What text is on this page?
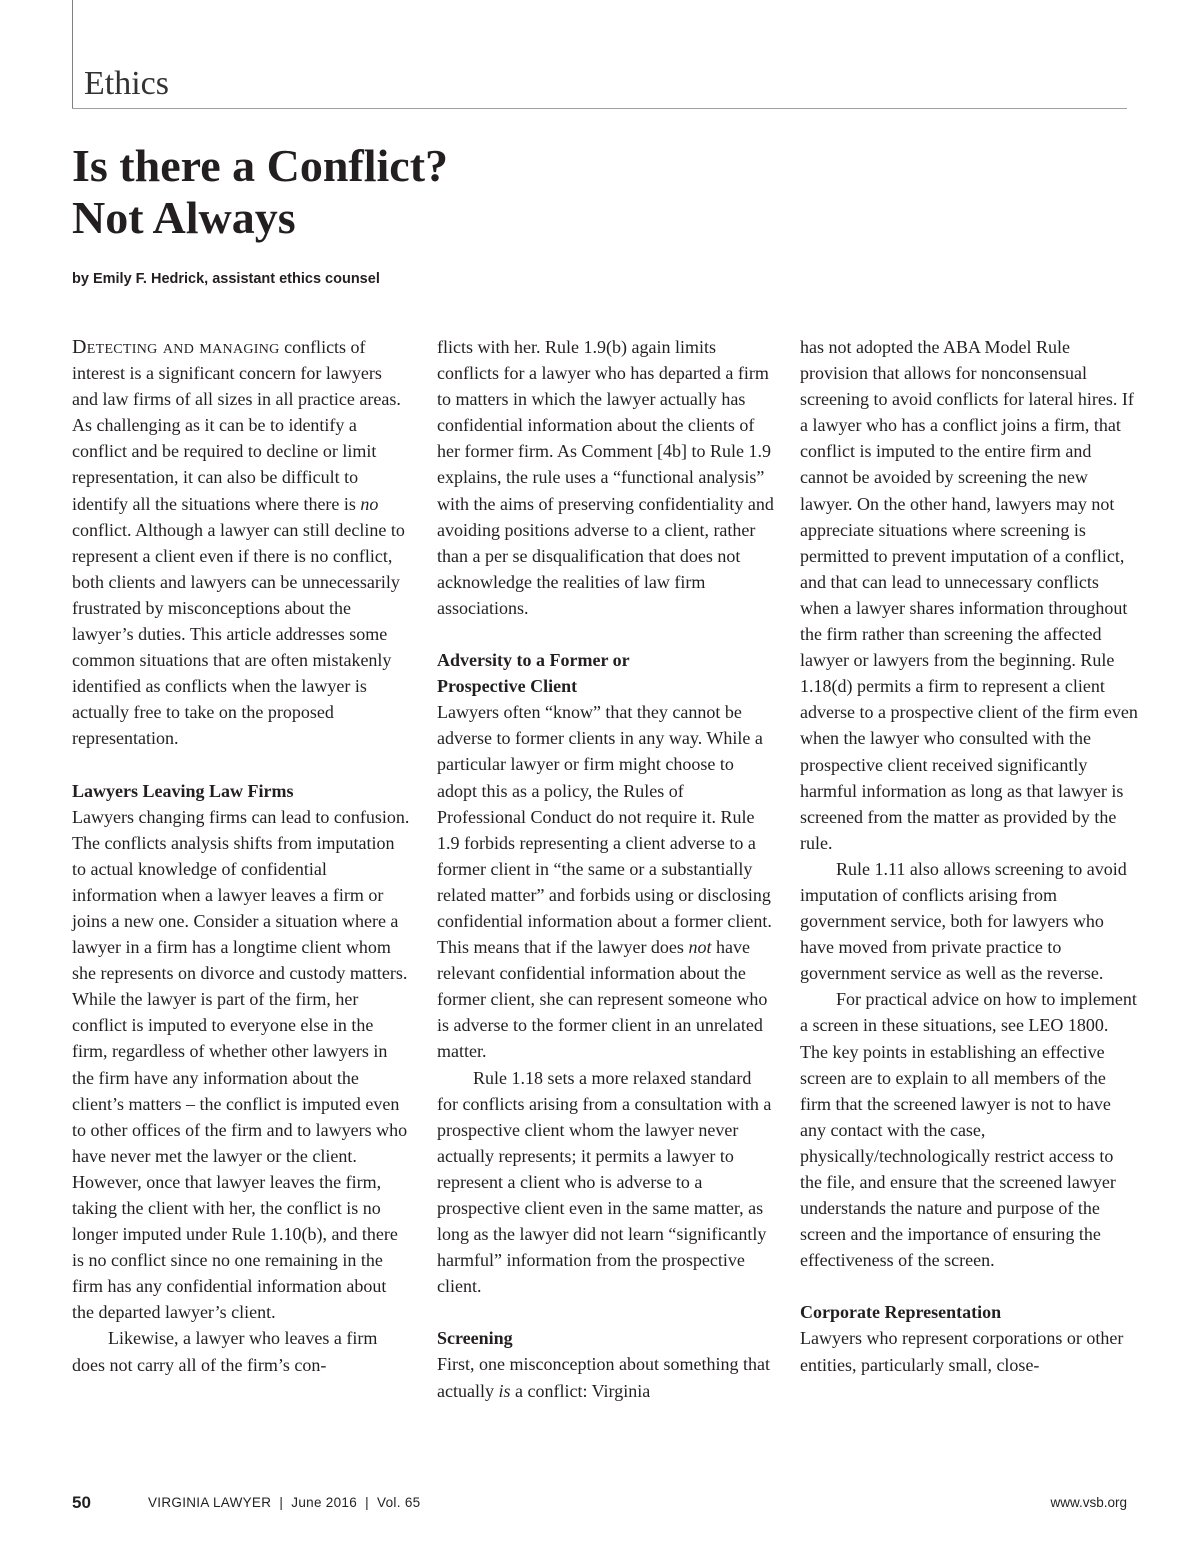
Ethics
Is there a Conflict?
Not Always
by Emily F. Hedrick, assistant ethics counsel

Detecting and managing conflicts of interest is a significant concern for lawyers and law firms of all sizes in all practice areas. As challenging as it can be to identify a conflict and be required to decline or limit representation, it can also be difficult to identify all the situations where there is no conflict. Although a lawyer can still decline to represent a client even if there is no conflict, both clients and lawyers can be unnecessarily frustrated by misconceptions about the lawyer’s duties. This article addresses some common situations that are often mistakenly identified as conflicts when the lawyer is actually free to take on the proposed representation.

Lawyers Leaving Law Firms

Lawyers changing firms can lead to confusion. The conflicts analysis shifts from imputation to actual knowledge of confidential information when a lawyer leaves a firm or joins a new one. Consider a situation where a lawyer in a firm has a longtime client whom she represents on divorce and custody matters. While the lawyer is part of the firm, her conflict is imputed to everyone else in the firm, regardless of whether other lawyers in the firm have any information about the client’s matters – the conflict is imputed even to other offices of the firm and to lawyers who have never met the lawyer or the client. However, once that lawyer leaves the firm, taking the client with her, the conflict is no longer imputed under Rule 1.10(b), and there is no conflict since no one remaining in the firm has any confidential information about the departed lawyer’s client.

Likewise, a lawyer who leaves a firm does not carry all of the firm’s con-

flicts with her. Rule 1.9(b) again limits conflicts for a lawyer who has departed a firm to matters in which the lawyer actually has confidential information about the clients of her former firm. As Comment [4b] to Rule 1.9 explains, the rule uses a “functional analysis” with the aims of preserving confidentiality and avoiding positions adverse to a client, rather than a per se disqualification that does not acknowledge the realities of law firm associations.

Adversity to a Former or
Prospective Client

Lawyers often “know” that they cannot be adverse to former clients in any way. While a particular lawyer or firm might choose to adopt this as a policy, the Rules of Professional Conduct do not require it. Rule 1.9 forbids representing a client adverse to a former client in “the same or a substantially related matter” and forbids using or disclosing confidential information about a former client. This means that if the lawyer does not have relevant confidential information about the former client, she can represent someone who is adverse to the former client in an unrelated matter.

Rule 1.18 sets a more relaxed standard for conflicts arising from a consultation with a prospective client whom the lawyer never actually represents; it permits a lawyer to represent a client who is adverse to a prospective client even in the same matter, as long as the lawyer did not learn “significantly harmful” information from the prospective client.

Screening

First, one misconception about something that actually is a conflict: Virginia

has not adopted the ABA Model Rule provision that allows for nonconsensual screening to avoid conflicts for lateral hires. If a lawyer who has a conflict joins a firm, that conflict is imputed to the entire firm and cannot be avoided by screening the new lawyer. On the other hand, lawyers may not appreciate situations where screening is permitted to prevent imputation of a conflict, and that can lead to unnecessary conflicts when a lawyer shares information throughout the firm rather than screening the affected lawyer or lawyers from the beginning. Rule 1.18(d) permits a firm to represent a client adverse to a prospective client of the firm even when the lawyer who consulted with the prospective client received significantly harmful information as long as that lawyer is screened from the matter as provided by the rule.

Rule 1.11 also allows screening to avoid imputation of conflicts arising from government service, both for lawyers who have moved from private practice to government service as well as the reverse.

For practical advice on how to implement a screen in these situations, see LEO 1800. The key points in establishing an effective screen are to explain to all members of the firm that the screened lawyer is not to have any contact with the case, physically/technologically restrict access to the file, and ensure that the screened lawyer understands the nature and purpose of the screen and the importance of ensuring the effectiveness of the screen.

Corporate Representation

Lawyers who represent corporations or other entities, particularly small, close-

50	VIRGINIA LAWYER  |  June 2016  |  Vol. 65	www.vsb.org
